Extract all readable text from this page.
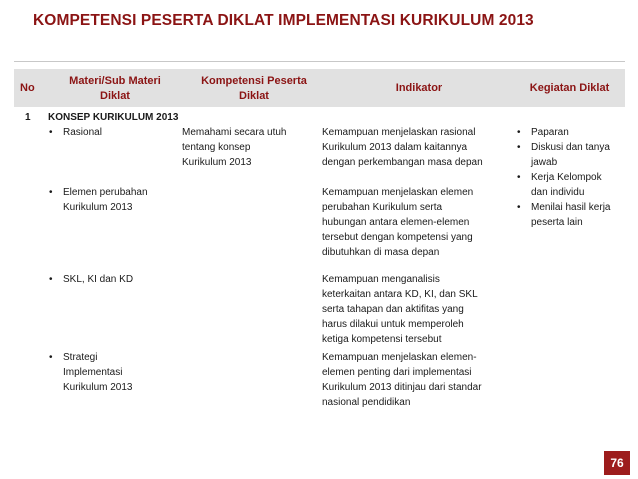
KOMPETENSI PESERTA DIKLAT IMPLEMENTASI KURIKULUM 2013
No
Materi/Sub Materi
Diklat
Kompetensi Peserta
Diklat
Indikator	Kegiatan Diklat
1 KONSEP KURIKULUM 2013
• Rasional
• Elemen perubahan
Kurikulum 2013
• SKL, KI dan KD
• Strategi
Implementasi
Kurikulum 2013
Memahami secara utuh
tentang konsep
Kurikulum 2013
Kemampuan menjelaskan rasional
Kurikulum 2013 dalam kaitannya
dengan perkembangan masa depan
Kemampuan menjelaskan elemen
perubahan Kurikulum serta
hubungan antara elemen-elemen
tersebut dengan kompetensi yang
dibutuhkan di masa depan
Kemampuan menganalisis
keterkaitan antara KD, KI, dan SKL
serta tahapan dan aktifitas yang
harus dilakui untuk memperoleh
ketiga kompetensi tersebut
Kemampuan menjelaskan elemen-
elemen penting dari implementasi
Kurikulum 2013 ditinjau dari standar
nasional pendidikan
• Paparan
• Diskusi dan tanya
jawab
• Kerja Kelompok
dan individu
• Menilai hasil kerja
peserta lain
76
